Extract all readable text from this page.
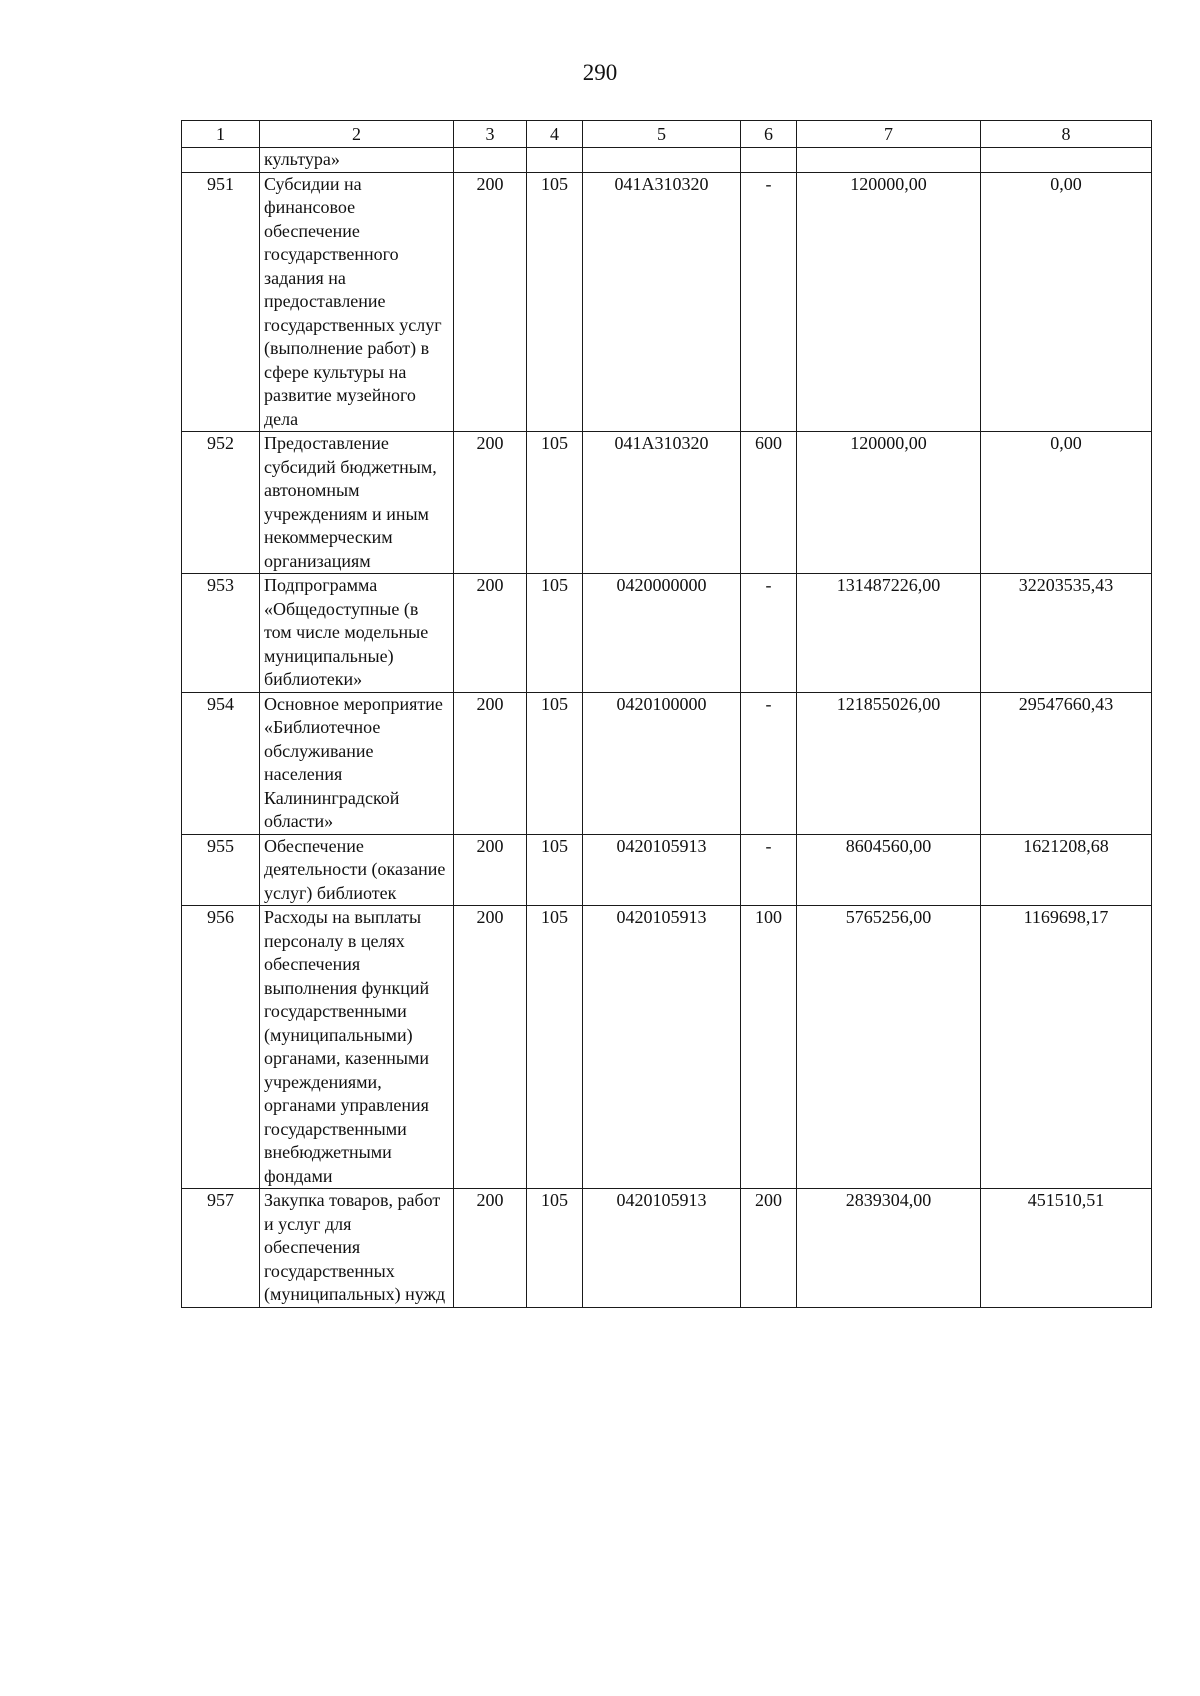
290
1	2	3	4	5	6	7	8
	культура»						
951	Субсидии на финансовое обеспечение государственного задания на предоставление государственных услуг (выполнение работ) в сфере культуры на развитие музейного дела	200	105	041A310320	-	120000,00	0,00
952	Предоставление субсидий бюджетным, автономным учреждениям и иным некоммерческим организациям	200	105	041A310320	600	120000,00	0,00
953	Подпрограмма «Общедоступные (в том числе модельные муниципальные) библиотеки»	200	105	0420000000	-	131487226,00	32203535,43
954	Основное мероприятие «Библиотечное обслуживание населения Калининградской области»	200	105	0420100000	-	121855026,00	29547660,43
955	Обеспечение деятельности (оказание услуг) библиотек	200	105	0420105913	-	8604560,00	1621208,68
956	Расходы на выплаты персоналу в целях обеспечения выполнения функций государственными (муниципальными) органами, казенными учреждениями, органами управления государственными внебюджетными фондами	200	105	0420105913	100	5765256,00	1169698,17
957	Закупка товаров, работ и услуг для обеспечения государственных (муниципальных) нужд	200	105	0420105913	200	2839304,00	451510,51
